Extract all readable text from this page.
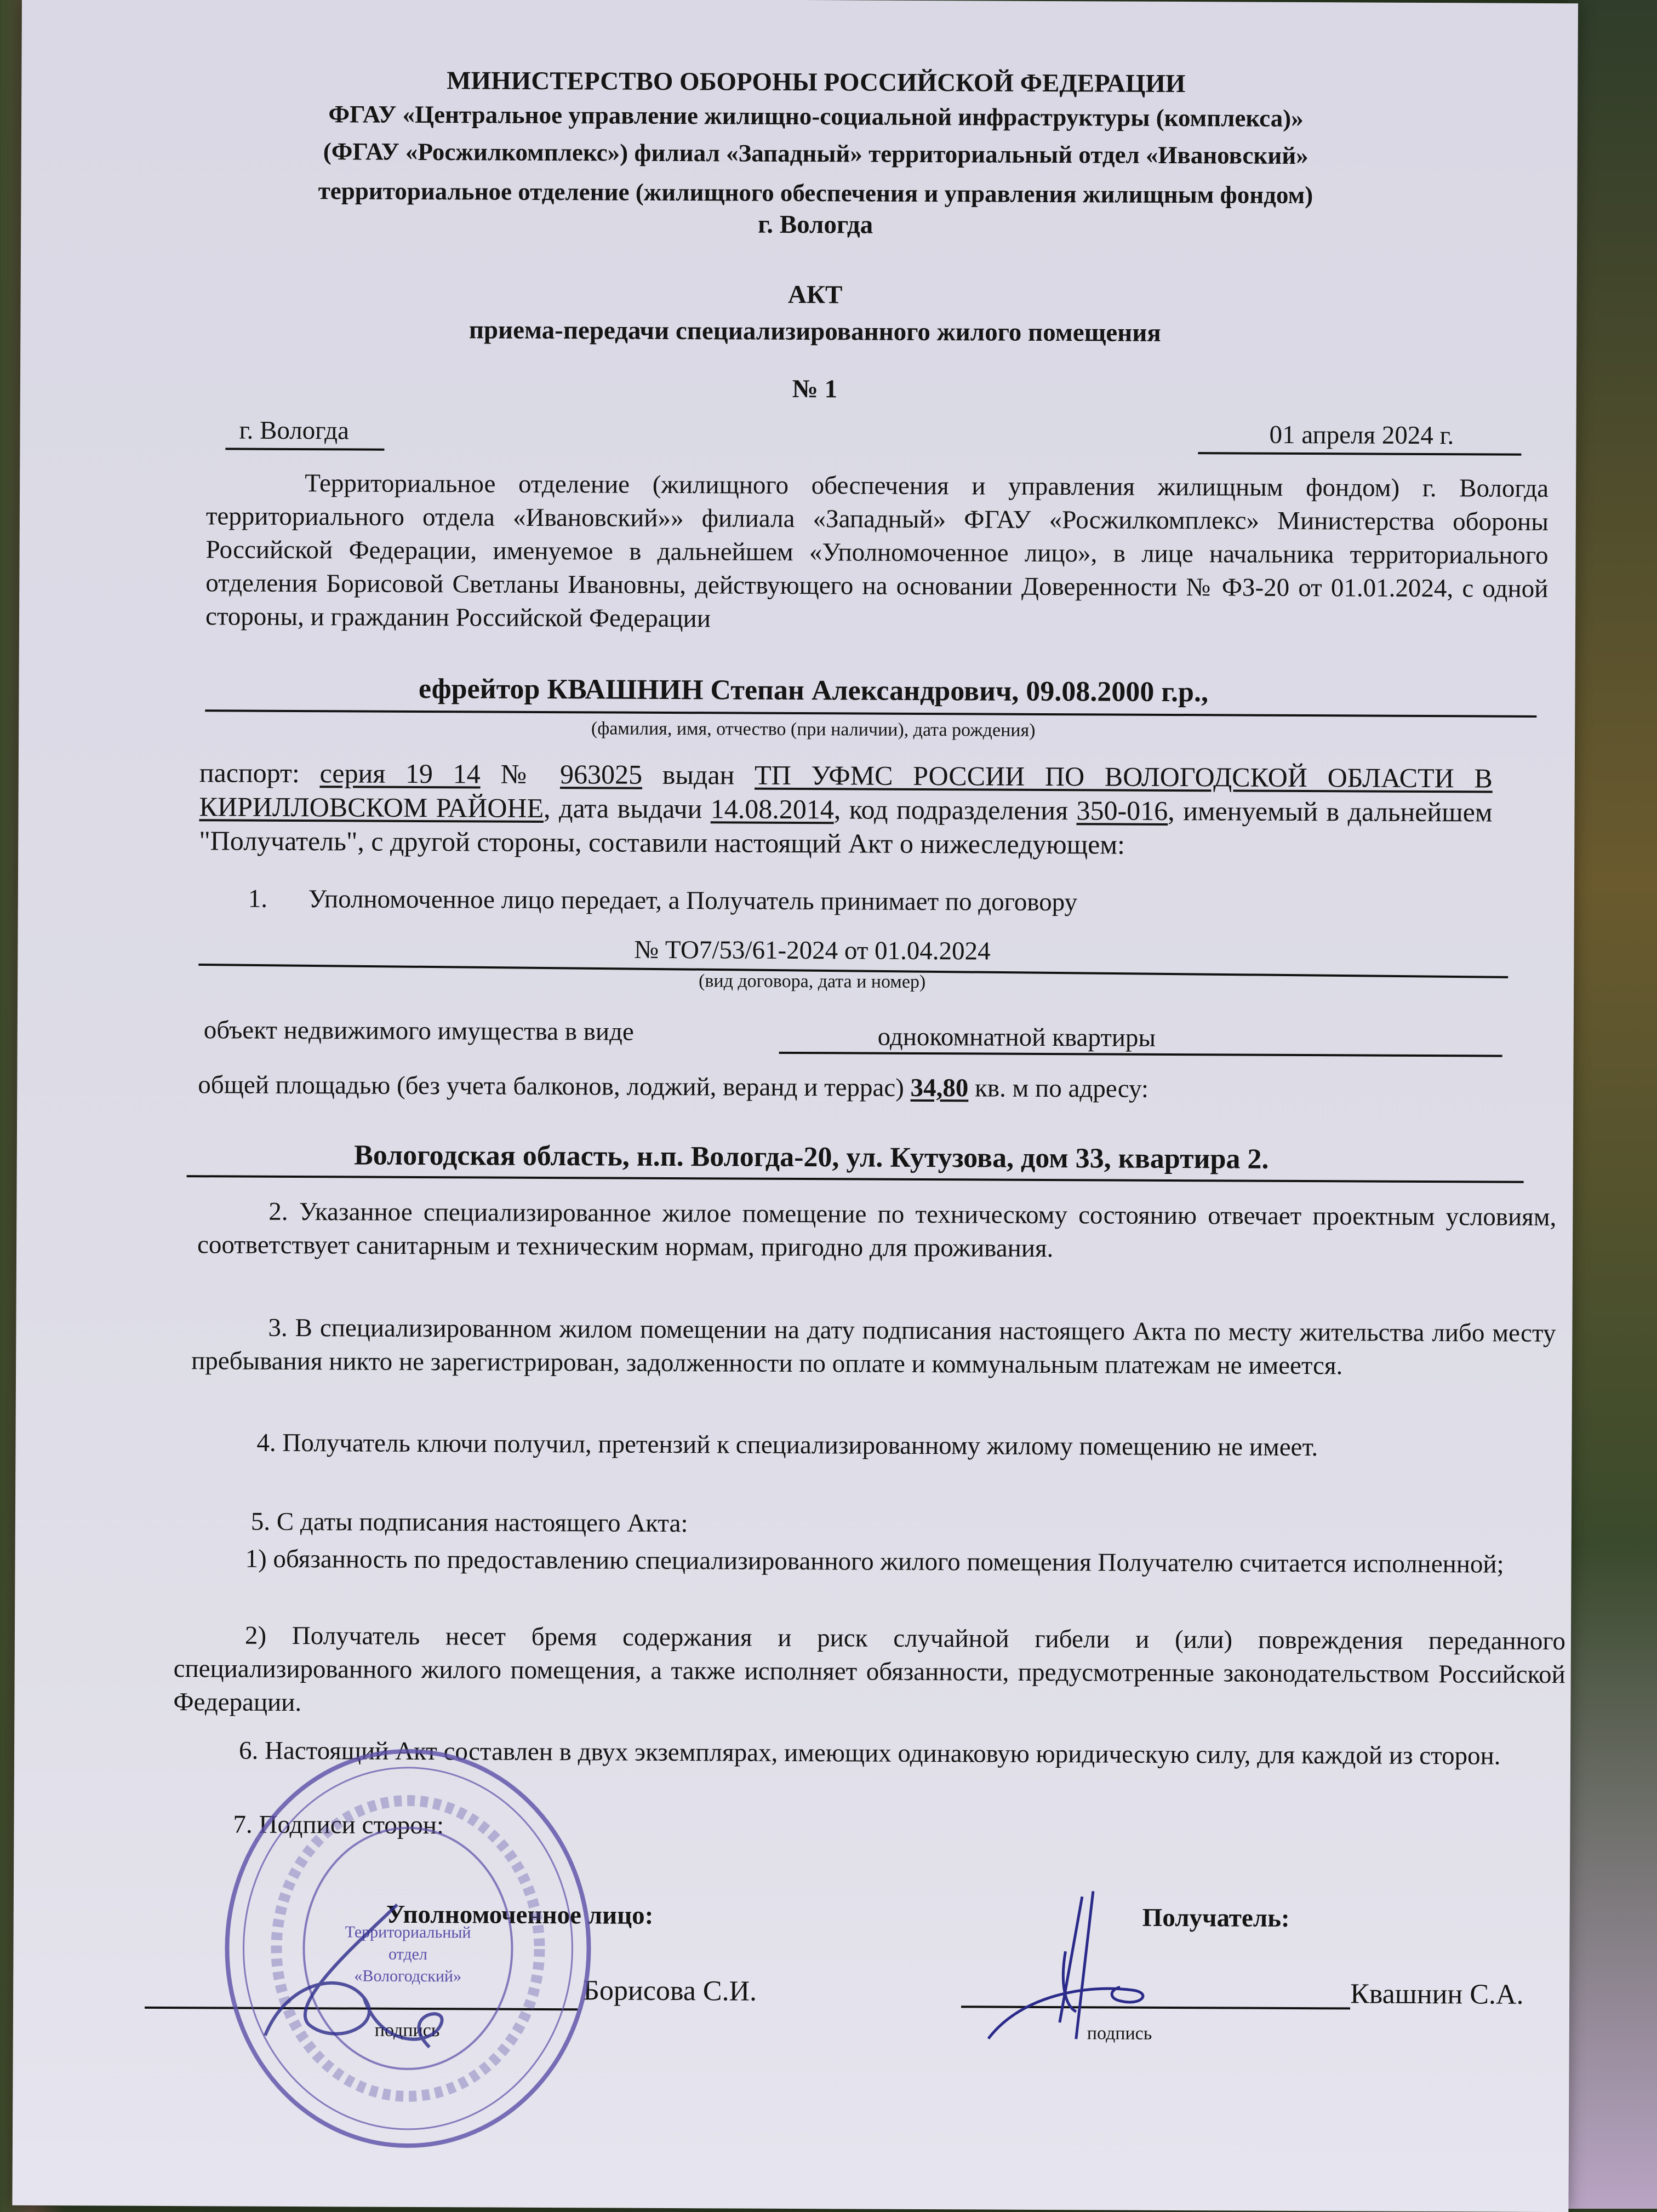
МИНИСТЕРСТВО ОБОРОНЫ РОССИЙСКОЙ ФЕДЕРАЦИИ
ФГАУ «Центральное управление жилищно-социальной инфраструктуры (комплекса)»
(ФГАУ «Росжилкомплекс») филиал «Западный» территориальный отдел «Ивановский»
территориальное отделение (жилищного обеспечения и управления жилищным фондом)
г. Вологда
АКТ
приема-передачи специализированного жилого помещения
№ 1
г. Вологда	01 апреля 2024 г.
Территориальное отделение (жилищного обеспечения и управления жилищным фондом) г. Вологда территориального отдела «Ивановский»» филиала «Западный» ФГАУ «Росжилкомплекс» Министерства обороны Российской Федерации, именуемое в дальнейшем «Уполномоченное лицо», в лице начальника территориального отделения Борисовой Светланы Ивановны, действующего на основании Доверенности № ФЗ-20 от 01.01.2024, с одной стороны, и гражданин Российской Федерации
ефрейтор КВАШНИН Степан Александрович, 09.08.2000 г.р.,
(фамилия, имя, отчество (при наличии), дата рождения)
паспорт: серия 19 14 № 963025 выдан ТП УФМС РОССИИ ПО ВОЛОГОДСКОЙ ОБЛАСТИ В КИРИЛЛОВСКОМ РАЙОНЕ, дата выдачи 14.08.2014, код подразделения 350-016, именуемый в дальнейшем "Получатель", с другой стороны, составили настоящий Акт о нижеследующем:
1. Уполномоченное лицо передает, а Получатель принимает по договору
№ ТО7/53/61-2024 от 01.04.2024
(вид договора, дата и номер)
объект недвижимого имущества в виде	однокомнатной квартиры
общей площадью (без учета балконов, лоджий, веранд и террас) 34,80 кв. м по адресу:
Вологодская область, н.п. Вологда-20, ул. Кутузова, дом 33, квартира 2.
2. Указанное специализированное жилое помещение по техническому состоянию отвечает проектным условиям, соответствует санитарным и техническим нормам, пригодно для проживания.
3. В специализированном жилом помещении на дату подписания настоящего Акта по месту жительства либо месту пребывания никто не зарегистрирован, задолженности по оплате и коммунальным платежам не имеется.
4. Получатель ключи получил, претензий к специализированному жилому помещению не имеет.
5. С даты подписания настоящего Акта:
1) обязанность по предоставлению специализированного жилого помещения Получателю считается исполненной;
2) Получатель несет бремя содержания и риск случайной гибели и (или) повреждения переданного специализированного жилого помещения, а также исполняет обязанности, предусмотренные законодательством Российской Федерации.
6. Настоящий Акт составлен в двух экземплярах, имеющих одинаковую юридическую силу, для каждой из сторон.
7. Подписи сторон:
Уполномоченное лицо:	Получатель:
Борисова С.И.
подпись
Квашнин С.А.
подпись
Территориальный
отдел
«Вологодский»
